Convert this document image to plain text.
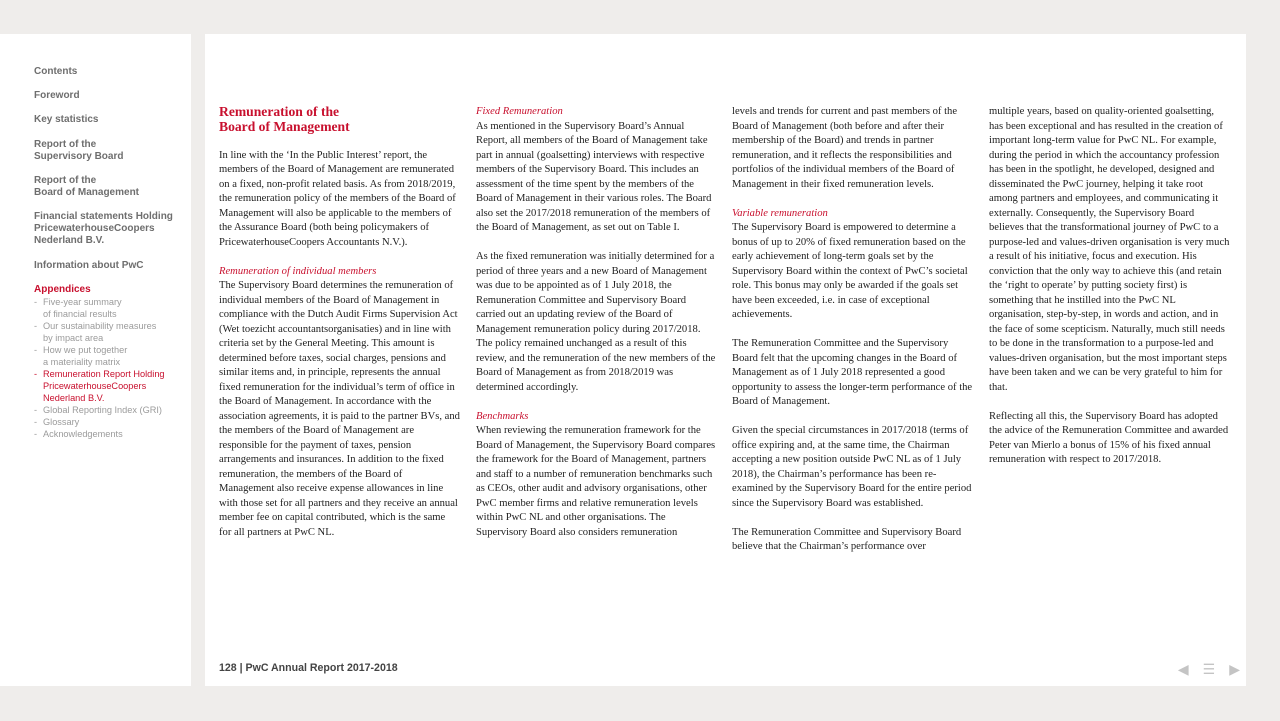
Contents
Foreword
Key statistics
Report of the
Supervisory Board
Report of the
Board of Management
Financial statements Holding
PricewaterhouseCoopers
Nederland B.V.
Information about PwC
Appendices
- Five-year summary
of financial results
- Our sustainability measures
by impact area
- How we put together
a materiality matrix
- Remuneration Report Holding
PricewaterhouseCoopers
Nederland B.V.
- Global Reporting Index (GRI)
- Glossary
- Acknowledgements
Remuneration of the
Board of Management

In line with the ‘In the Public Interest’ report, the members of the Board of Management are remunerated on a fixed, non-profit related basis. As from 2018/2019, the remuneration policy of the members of the Board of Management will also be applicable to the members of the Assurance Board (both being policymakers of PricewaterhouseCoopers Accountants N.V.).

Remuneration of individual members

The Supervisory Board determines the remuneration of individual members of the Board of Management in compliance with the Dutch Audit Firms Supervision Act (Wet toezicht accountantsorganisaties) and in line with criteria set by the General Meeting. This amount is determined before taxes, social charges, pensions and similar items and, in principle, represents the annual fixed remuneration for the individual’s term of office in the Board of Management. In accordance with the association agreements, it is paid to the partner BVs, and the members of the Board of Management are responsible for the payment of taxes, pension arrangements and insurances. In addition to the fixed remuneration, the members of the Board of Management also receive expense allowances in line with those set for all partners and they receive an annual member fee on capital contributed, which is the same for all partners at PwC NL.

Fixed Remuneration

As mentioned in the Supervisory Board’s Annual Report, all members of the Board of Management take part in annual (goalsetting) interviews with respective members of the Supervisory Board. This includes an assessment of the time spent by the members of the Board of Management in their various roles. The Board also set the 2017/2018 remuneration of the members of the Board of Management, as set out on Table I.

As the fixed remuneration was initially determined for a period of three years and a new Board of Management was due to be appointed as of 1 July 2018, the Remuneration Committee and Supervisory Board carried out an updating review of the Board of Management remuneration policy during 2017/2018. The policy remained unchanged as a result of this review, and the remuneration of the new members of the Board of Management as from 2018/2019 was determined accordingly.

Benchmarks

When reviewing the remuneration framework for the Board of Management, the Supervisory Board compares the framework for the Board of Management, partners and staff to a number of remuneration benchmarks such as CEOs, other audit and advisory organisations, other PwC member firms and relative remuneration levels within PwC NL and other organisations. The Supervisory Board also considers remuneration

levels and trends for current and past members of the Board of Management (both before and after their membership of the Board) and trends in partner remuneration, and it reflects the responsibilities and portfolios of the individual members of the Board of Management in their fixed remuneration levels.

Variable remuneration

The Supervisory Board is empowered to determine a bonus of up to 20% of fixed remuneration based on the early achievement of long-term goals set by the Supervisory Board within the context of PwC’s societal role. This bonus may only be awarded if the goals set have been exceeded, i.e. in case of exceptional achievements.

The Remuneration Committee and the Supervisory Board felt that the upcoming changes in the Board of Management as of 1 July 2018 represented a good opportunity to assess the longer-term performance of the Board of Management.

Given the special circumstances in 2017/2018 (terms of office expiring and, at the same time, the Chairman accepting a new position outside PwC NL as of 1 July 2018), the Chairman’s performance has been re-examined by the Supervisory Board for the entire period since the Supervisory Board was established.

The Remuneration Committee and Supervisory Board believe that the Chairman’s performance over

multiple years, based on quality-oriented goalsetting, has been exceptional and has resulted in the creation of important long-term value for PwC NL. For example, during the period in which the accountancy profession has been in the spotlight, he developed, designed and disseminated the PwC journey, helping it take root among partners and employees, and communicating it externally. Consequently, the Supervisory Board believes that the transformational journey of PwC to a purpose-led and values-driven organisation is very much a result of his initiative, focus and execution. His conviction that the only way to achieve this (and retain the ‘right to operate’ by putting society first) is something that he instilled into the PwC NL organisation, step-by-step, in words and action, and in the face of some scepticism. Naturally, much still needs to be done in the transformation to a purpose-led and values-driven organisation, but the most important steps have been taken and we can be very grateful to him for that.

Reflecting all this, the Supervisory Board has adopted the advice of the Remuneration Committee and awarded Peter van Mierlo a bonus of 15% of his fixed annual remuneration with respect to 2017/2018.

128 | PwC Annual Report 2017-2018	◀ ☰ ▶
